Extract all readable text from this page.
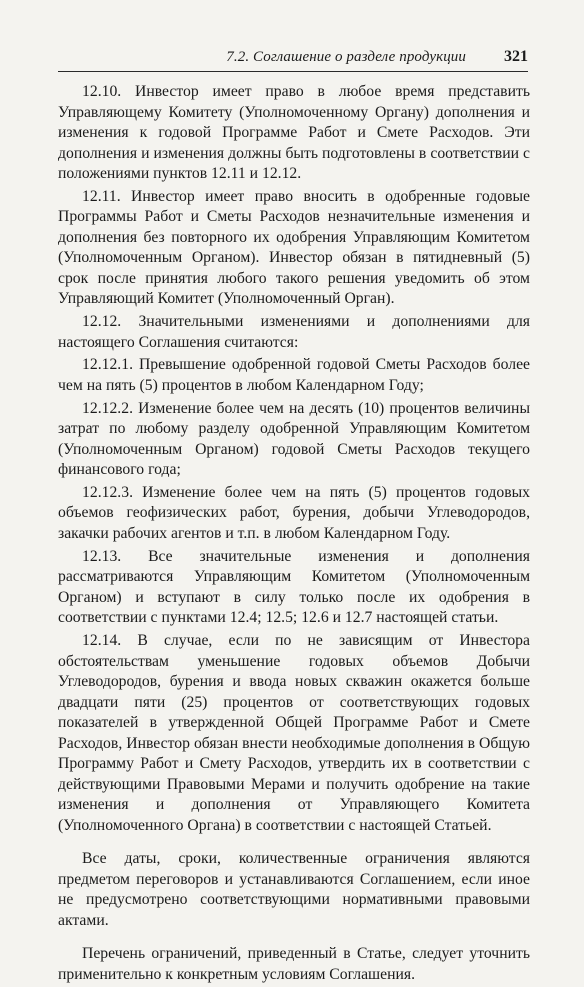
7.2. Соглашение о разделе продукции 321

12.10. Инвестор имеет право в любое время представить Управляющему Комитету (Уполномоченному Органу) дополнения и изменения к годовой Программе Работ и Смете Расходов. Эти дополнения и изменения должны быть подготовлены в соответствии с положениями пунктов 12.11 и 12.12.

12.11. Инвестор имеет право вносить в одобренные годовые Программы Работ и Сметы Расходов незначительные изменения и дополнения без повторного их одобрения Управляющим Комитетом (Уполномоченным Органом). Инвестор обязан в пятидневный (5) срок после принятия любого такого решения уведомить об этом Управляющий Комитет (Уполномоченный Орган).

12.12. Значительными изменениями и дополнениями для настоящего Соглашения считаются:

12.12.1. Превышение одобренной годовой Сметы Расходов более чем на пять (5) процентов в любом Календарном Году;

12.12.2. Изменение более чем на десять (10) процентов величины затрат по любому разделу одобренной Управляющим Комитетом (Уполномоченным Органом) годовой Сметы Расходов текущего финансового года;

12.12.3. Изменение более чем на пять (5) процентов годовых объемов геофизических работ, бурения, добычи Углеводородов, закачки рабочих агентов и т.п. в любом Календарном Году.

12.13. Все значительные изменения и дополнения рассматриваются Управляющим Комитетом (Уполномоченным Органом) и вступают в силу только после их одобрения в соответствии с пунктами 12.4; 12.5; 12.6 и 12.7 настоящей статьи.

12.14. В случае, если по не зависящим от Инвестора обстоятельствам уменьшение годовых объемов Добычи Углеводородов, бурения и ввода новых скважин окажется больше двадцати пяти (25) процентов от соответствующих годовых показателей в утвержденной Общей Программе Работ и Смете Расходов, Инвестор обязан внести необходимые дополнения в Общую Программу Работ и Смету Расходов, утвердить их в соответствии с действующими Правовыми Мерами и получить одобрение на такие изменения и дополнения от Управляющего Комитета (Уполномоченного Органа) в соответствии с настоящей Статьей.

Все даты, сроки, количественные ограничения являются предметом переговоров и устанавливаются Соглашением, если иное не предусмотрено соответствующими нормативными правовыми актами.

Перечень ограничений, приведенный в Статье, следует уточнить применительно к конкретным условиям Соглашения.
